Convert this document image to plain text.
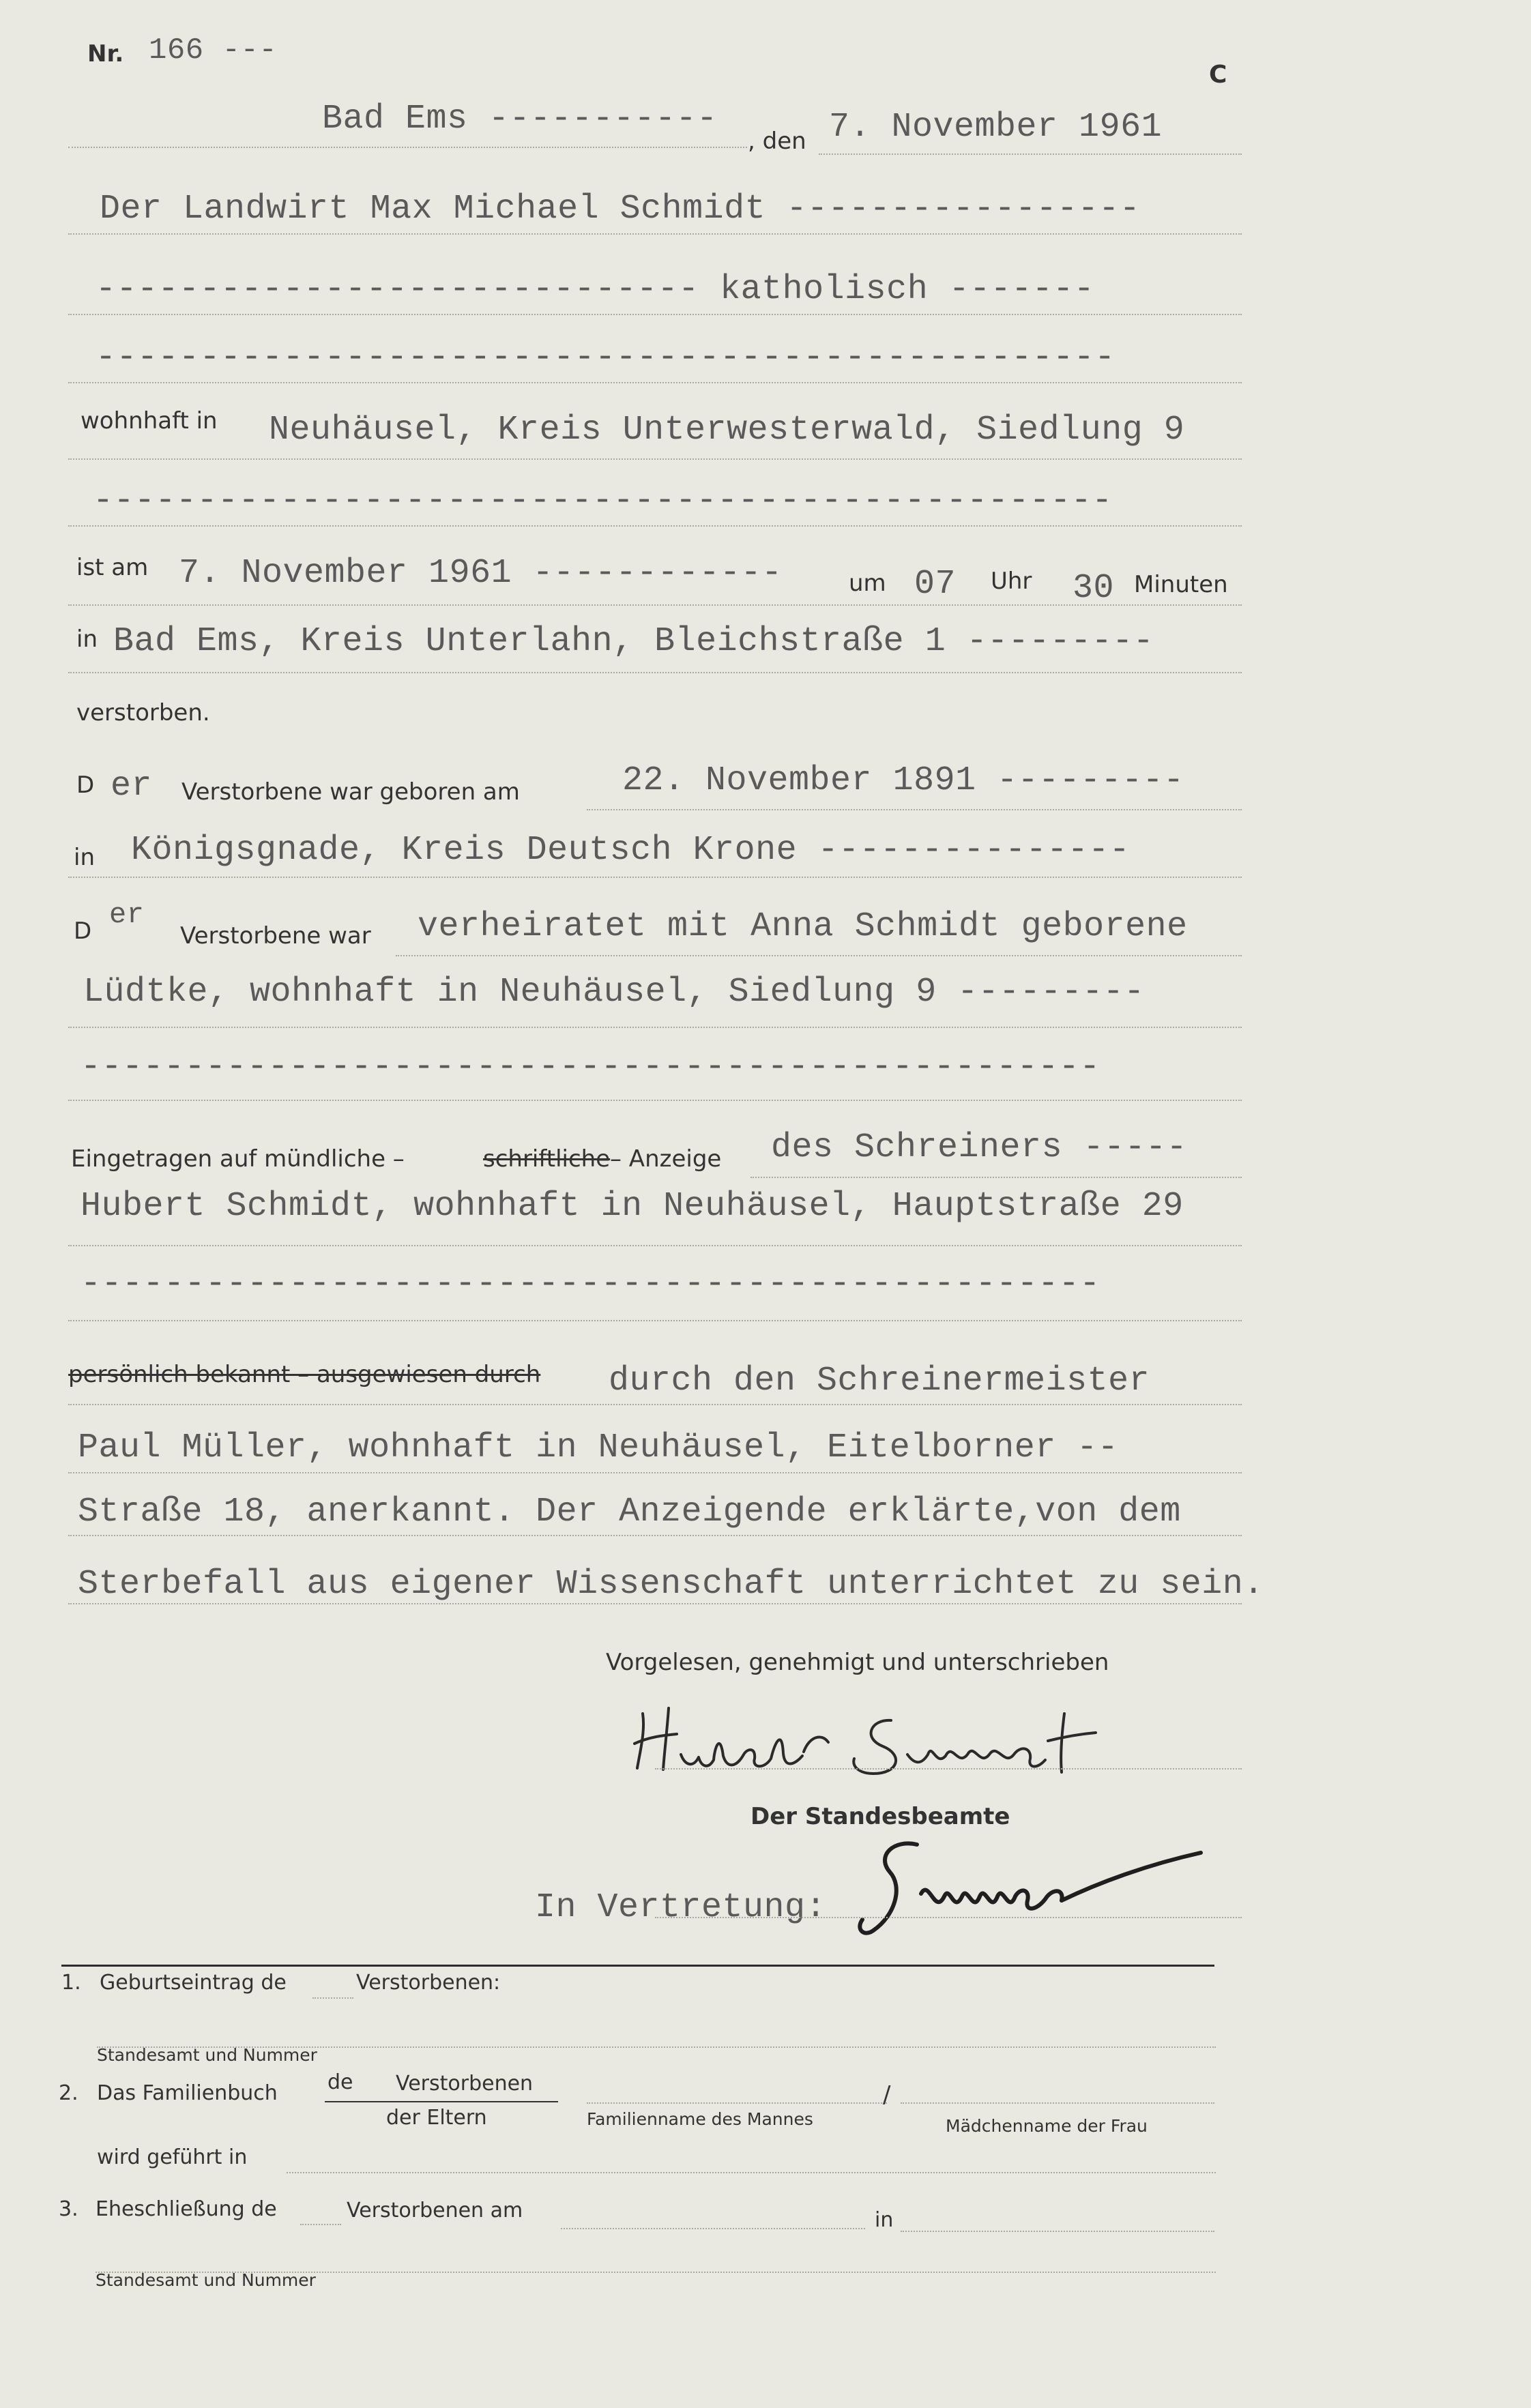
Nr. 166 ---
C
Bad Ems -----------
, den 7. November 1961
Der Landwirt Max Michael Schmidt -----------------
----------------------------- katholisch -------
-------------------------------------------------
wohnhaft in Neuhäusel, Kreis Unterwesterwald, Siedlung 9
-------------------------------------------------
ist am 7. November 1961 ------------	um 07 Uhr 30 Minuten
in Bad Ems, Kreis Unterlahn, Bleichstraße 1 ---------
verstorben.
D er Verstorbene war geboren am	22. November 1891 ---------
in Königsgnade, Kreis Deutsch Krone ---------------
D er
Verstorbene war verheiratet mit Anna Schmidt geborene
Lüdtke, wohnhaft in Neuhäusel, Siedlung 9 ---------
-------------------------------------------------
Eingetragen auf mündliche –	schriftliche – Anzeige des Schreiners -----
Hubert Schmidt, wohnhaft in Neuhäusel, Hauptstraße 29
-------------------------------------------------
persönlich bekannt – ausgewiesen durch durch den Schreinermeister
Paul Müller, wohnhaft in Neuhäusel, Eitelborner --
Straße 18, anerkannt. Der Anzeigende erklärte,von dem
Sterbefall aus eigener Wissenschaft unterrichtet zu sein.
Vorgelesen, genehmigt und unterschrieben
Der Standesbeamte
In Vertretung:
1. Geburtseintrag de	Verstorbenen:
Standesamt und Nummer
2. Das Familienbuch de Verstorbenen
der Eltern	Familienname des Mannes
/
Mädchenname der Frau
wird geführt in
3. Eheschließung de	Verstorbenen am	in
Standesamt und Nummer
